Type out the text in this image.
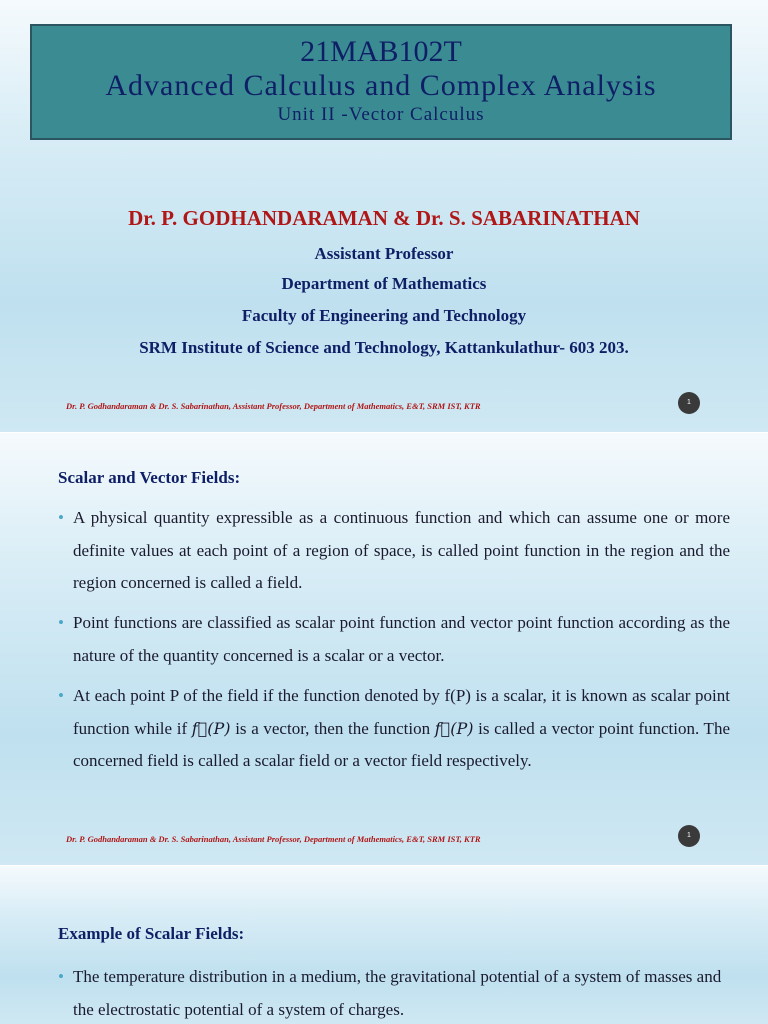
21MAB102T
Advanced Calculus and Complex Analysis
Unit II -Vector Calculus
Dr. P. GODHANDARAMAN & Dr. S. SABARINATHAN
Assistant Professor
Department of Mathematics
Faculty of Engineering and Technology
SRM Institute of Science and Technology, Kattankulathur- 603 203.
Dr. P. Godhandaraman & Dr. S. Sabarinathan, Assistant Professor, Department of Mathematics, E&T, SRM IST, KTR	1
Scalar and Vector Fields:
• A physical quantity expressible as a continuous function and which can assume one or more definite values at each point of a region of space, is called point function in the region and the region concerned is called a field.
• Point functions are classified as scalar point function and vector point function according as the nature of the quantity concerned is a scalar or a vector.
• At each point P of the field if the function denoted by f(P) is a scalar, it is known as scalar point function while if f⃗(P) is a vector, then the function f⃗(P) is called a vector point function. The concerned field is called a scalar field or a vector field respectively.
Dr. P. Godhandaraman & Dr. S. Sabarinathan, Assistant Professor, Department of Mathematics, E&T, SRM IST, KTR	1
Example of Scalar Fields:
• The temperature distribution in a medium, the gravitational potential of a system of masses and the electrostatic potential of a system of charges.
